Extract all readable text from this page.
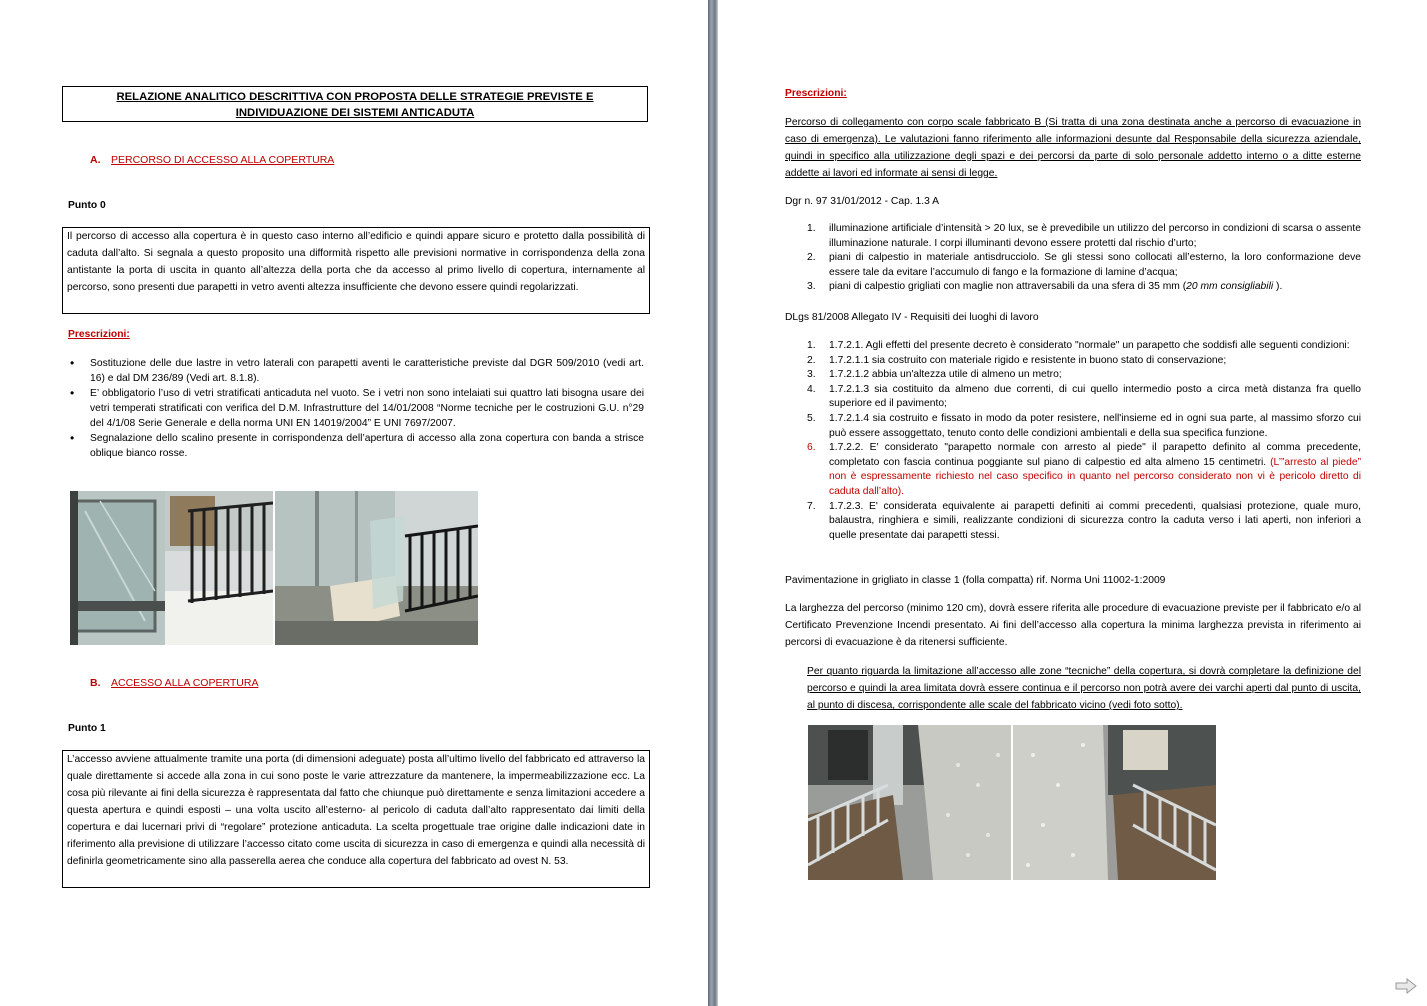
RELAZIONE ANALITICO DESCRITTIVA CON PROPOSTA DELLE STRATEGIE PREVISTE E
INDIVIDUAZIONE DEI SISTEMI ANTICADUTA
A. PERCORSO DI ACCESSO ALLA COPERTURA
Punto 0
Il percorso di accesso alla copertura è in questo caso interno all’edificio e quindi appare sicuro e protetto dalla possibilità di caduta dall’alto. Si segnala a questo proposito una difformità rispetto alle previsioni normative in corrispondenza della zona antistante la porta di uscita in quanto all’altezza della porta che da accesso al primo livello di copertura, internamente al percorso, sono presenti due parapetti in vetro aventi altezza insufficiente che devono essere quindi regolarizzati.
Prescrizioni:
• Sostituzione delle due lastre in vetro laterali con parapetti aventi le caratteristiche previste dal DGR 509/2010 (vedi art. 16) e dal DM 236/89 (Vedi art. 8.1.8).
• E’ obbligatorio l’uso di vetri stratificati anticaduta nel vuoto. Se i vetri non sono intelaiati sui quattro lati bisogna usare dei vetri temperati stratificati con verifica del D.M. Infrastrutture del 14/01/2008 “Norme tecniche per le costruzioni G.U. n°29 del 4/1/08 Serie Generale e della norma UNI EN 14019/2004” E UNI 7697/2007.
• Segnalazione dello scalino presente in corrispondenza dell’apertura di accesso alla zona copertura con banda a strisce oblique bianco rosse.
B. ACCESSO ALLA COPERTURA
Punto 1
L’accesso avviene attualmente tramite una porta (di dimensioni adeguate) posta all’ultimo livello del fabbricato ed attraverso la quale direttamente si accede alla zona in cui sono poste le varie attrezzature da mantenere, la impermeabilizzazione ecc. La cosa più rilevante ai fini della sicurezza è rappresentata dal fatto che chiunque può direttamente e senza limitazioni accedere a questa apertura e quindi esposti – una volta uscito all’esterno- al pericolo di caduta dall’alto rappresentato dai limiti della copertura e dai lucernari privi di “regolare” protezione anticaduta. La scelta progettuale trae origine dalle indicazioni date in riferimento alla previsione di utilizzare l’accesso citato come uscita di sicurezza in caso di emergenza e quindi alla necessità di definirla geometricamente sino alla passerella aerea che conduce alla copertura del fabbricato ad ovest N. 53.
Prescrizioni:
Percorso di collegamento con corpo scale fabbricato B (Si tratta di una zona destinata anche a percorso di evacuazione in caso di emergenza). Le valutazioni fanno riferimento alle informazioni desunte dal Responsabile della sicurezza aziendale, quindi in specifico alla utilizzazione degli spazi e dei percorsi da parte di solo personale addetto interno o a ditte esterne addette ai lavori ed informate ai sensi di legge.
Dgr n. 97 31/01/2012 - Cap. 1.3 A
1. illuminazione artificiale d’intensità > 20 lux, se è prevedibile un utilizzo del percorso in condizioni di scarsa o assente illuminazione naturale. I corpi illuminanti devono essere protetti dal rischio d’urto;
2. piani di calpestio in materiale antisdrucciolo. Se gli stessi sono collocati all’esterno, la loro conformazione deve essere tale da evitare l’accumulo di fango e la formazione di lamine d’acqua;
3. piani di calpestio grigliati con maglie non attraversabili da una sfera di 35 mm (20 mm consigliabili ).
DLgs 81/2008 Allegato IV - Requisiti dei luoghi di lavoro
1. 1.7.2.1. Agli effetti del presente decreto è considerato "normale" un parapetto che soddisfi alle seguenti condizioni:
2. 1.7.2.1.1 sia costruito con materiale rigido e resistente in buono stato di conservazione;
3. 1.7.2.1.2 abbia un'altezza utile di almeno un metro;
4. 1.7.2.1.3 sia costituito da almeno due correnti, di cui quello intermedio posto a circa metà distanza fra quello superiore ed il pavimento;
5. 1.7.2.1.4 sia costruito e fissato in modo da poter resistere, nell'insieme ed in ogni sua parte, al massimo sforzo cui può essere assoggettato, tenuto conto delle condizioni ambientali e della sua specifica funzione.
6. 1.7.2.2. E' considerato "parapetto normale con arresto al piede" il parapetto definito al comma precedente, completato con fascia continua poggiante sul piano di calpestio ed alta almeno 15 centimetri. (L’”arresto al piede” non è espressamente richiesto nel caso specifico in quanto nel percorso considerato non vi è pericolo diretto di caduta dall’alto).
7. 1.7.2.3. E' considerata equivalente ai parapetti definiti ai commi precedenti, qualsiasi protezione, quale muro, balaustra, ringhiera e simili, realizzante condizioni di sicurezza contro la caduta verso i lati aperti, non inferiori a quelle presentate dai parapetti stessi.
Pavimentazione in grigliato in classe 1 (folla compatta) rif. Norma Uni 11002-1:2009
La larghezza del percorso (minimo 120 cm), dovrà essere riferita alle procedure di evacuazione previste per il fabbricato e/o al Certificato Prevenzione Incendi presentato. Ai fini dell’accesso alla copertura la minima larghezza prevista in riferimento ai percorsi di evacuazione è da ritenersi sufficiente.
Per quanto riguarda la limitazione all’accesso alle zone “tecniche” della copertura, si dovrà completare la definizione del percorso e quindi la area limitata dovrà essere continua e il percorso non potrà avere dei varchi aperti dal punto di uscita, al punto di discesa, corrispondente alle scale del fabbricato vicino (vedi foto sotto).
